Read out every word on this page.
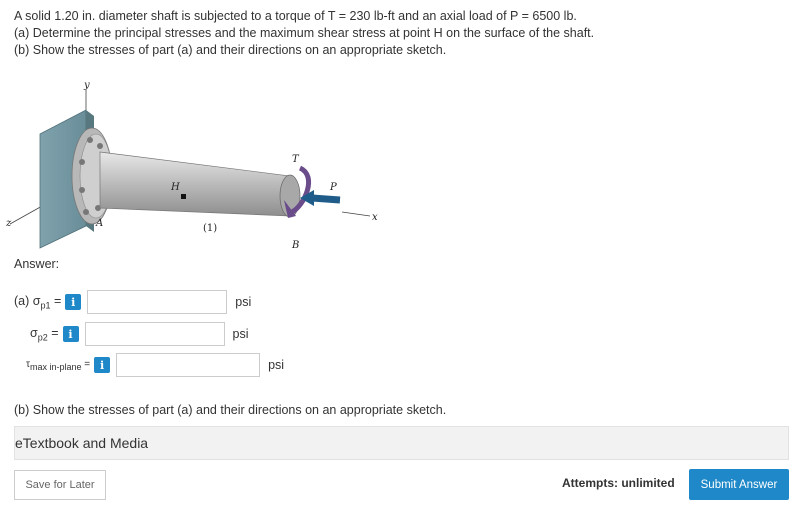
A solid 1.20 in. diameter shaft is subjected to a torque of T = 230 lb-ft and an axial load of P = 6500 lb.

(a) Determine the principal stresses and the maximum shear stress at point H on the surface of the shaft.

(b) Show the stresses of part (a) and their directions on an appropriate sketch.

y
z
x
H
A
B
T
P
(1)
Answer:
(a) $\sigma_{p1} = i$	psi
$\sigma_{p2} = i$	psi
$\tau_{max in-plane} = i$	psi
(b) Show the stresses of part (a) and their directions on an appropriate sketch.
eTextbook and Media
Save for Later	Attempts: unlimited	Submit Answer
